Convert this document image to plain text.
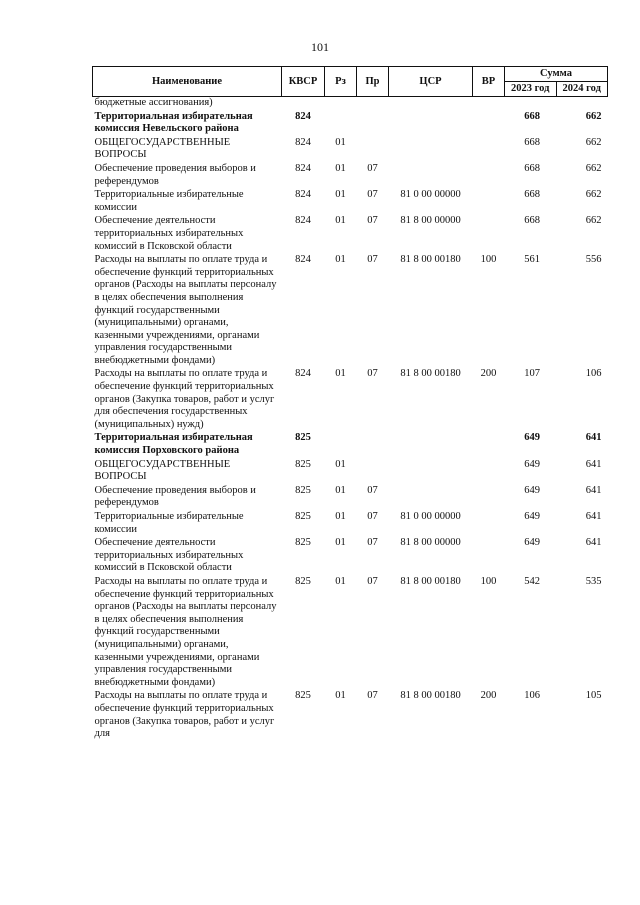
101
Наименование	КВСР	Рз	Пр	ЦСР	ВР	Сумма	
						2023 год	2024 год
бюджетные ассигнования)							
Территориальная избирательная комиссия Невельского района	824					668	662
ОБЩЕГОСУДАРСТВЕННЫЕ ВОПРОСЫ	824	01				668	662
Обеспечение проведения выборов и референдумов	824	01	07			668	662
Территориальные избирательные комиссии	824	01	07	81 0 00 00000		668	662
Обеспечение деятельности территориальных избирательных комиссий в Псковской области	824	01	07	81 8 00 00000		668	662
Расходы на выплаты по оплате труда и обеспечение функций территориальных органов (Расходы на выплаты персоналу в целях обеспечения выполнения функций государственными (муниципальными) органами, казенными учреждениями, органами управления государственными внебюджетными фондами)	824	01	07	81 8 00 00180	100	561	556
Расходы на выплаты по оплате труда и обеспечение функций территориальных органов (Закупка товаров, работ и услуг для обеспечения государственных (муниципальных) нужд)	824	01	07	81 8 00 00180	200	107	106
Территориальная избирательная комиссия Порховского района	825					649	641
ОБЩЕГОСУДАРСТВЕННЫЕ ВОПРОСЫ	825	01				649	641
Обеспечение проведения выборов и референдумов	825	01	07			649	641
Территориальные избирательные комиссии	825	01	07	81 0 00 00000		649	641
Обеспечение деятельности территориальных избирательных комиссий в Псковской области	825	01	07	81 8 00 00000		649	641
Расходы на выплаты по оплате труда и обеспечение функций территориальных органов (Расходы на выплаты персоналу в целях обеспечения выполнения функций государственными (муниципальными) органами, казенными учреждениями, органами управления государственными внебюджетными фондами)	825	01	07	81 8 00 00180	100	542	535
Расходы на выплаты по оплате труда и обеспечение функций территориальных органов (Закупка товаров, работ и услуг для	825	01	07	81 8 00 00180	200	106	105
